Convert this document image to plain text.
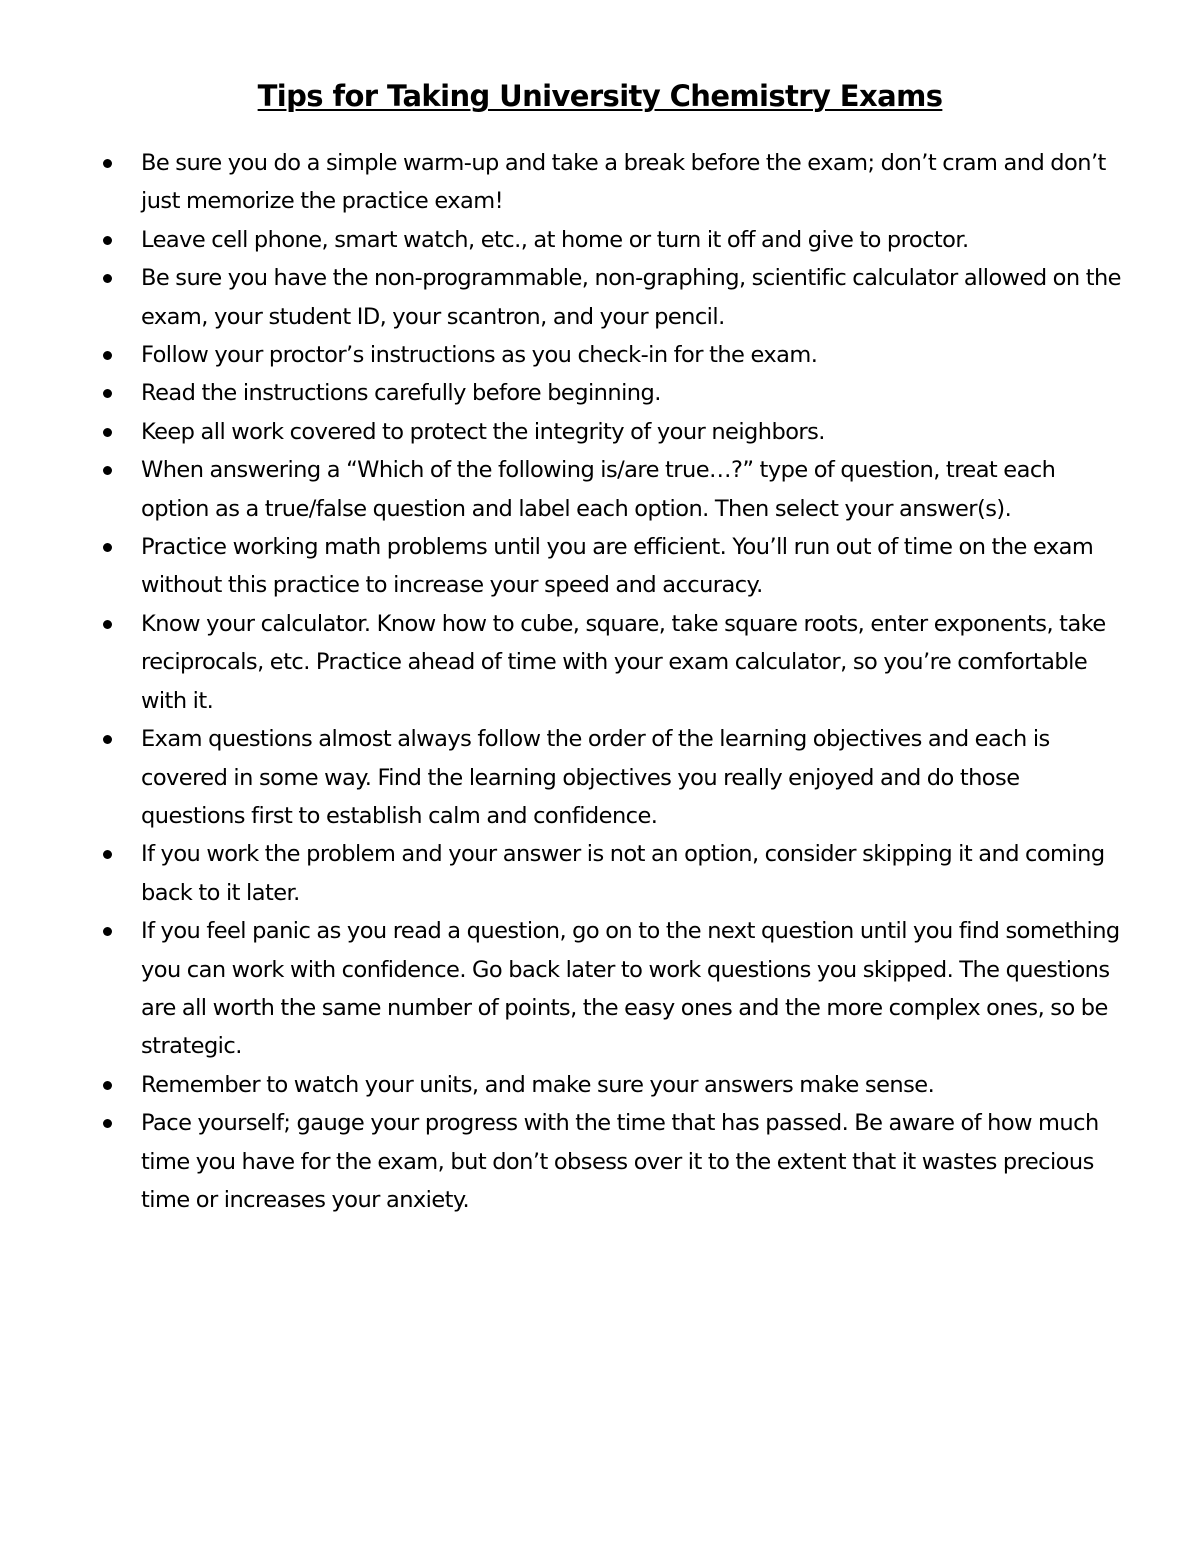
Tips for Taking University Chemistry Exams
Be sure you do a simple warm-up and take a break before the exam; don’t cram and don’t just memorize the practice exam!
Leave cell phone, smart watch, etc., at home or turn it off and give to proctor.
Be sure you have the non-programmable, non-graphing, scientific calculator allowed on the exam, your student ID, your scantron, and your pencil.
Follow your proctor’s instructions as you check-in for the exam.
Read the instructions carefully before beginning.
Keep all work covered to protect the integrity of your neighbors.
When answering a “Which of the following is/are true…?” type of question, treat each option as a true/false question and label each option. Then select your answer(s).
Practice working math problems until you are efficient. You’ll run out of time on the exam without this practice to increase your speed and accuracy.
Know your calculator. Know how to cube, square, take square roots, enter exponents, take reciprocals, etc. Practice ahead of time with your exam calculator, so you’re comfortable with it.
Exam questions almost always follow the order of the learning objectives and each is covered in some way. Find the learning objectives you really enjoyed and do those questions first to establish calm and confidence.
If you work the problem and your answer is not an option, consider skipping it and coming back to it later.
If you feel panic as you read a question, go on to the next question until you find something you can work with confidence. Go back later to work questions you skipped. The questions are all worth the same number of points, the easy ones and the more complex ones, so be strategic.
Remember to watch your units, and make sure your answers make sense.
Pace yourself; gauge your progress with the time that has passed. Be aware of how much time you have for the exam, but don’t obsess over it to the extent that it wastes precious time or increases your anxiety.
